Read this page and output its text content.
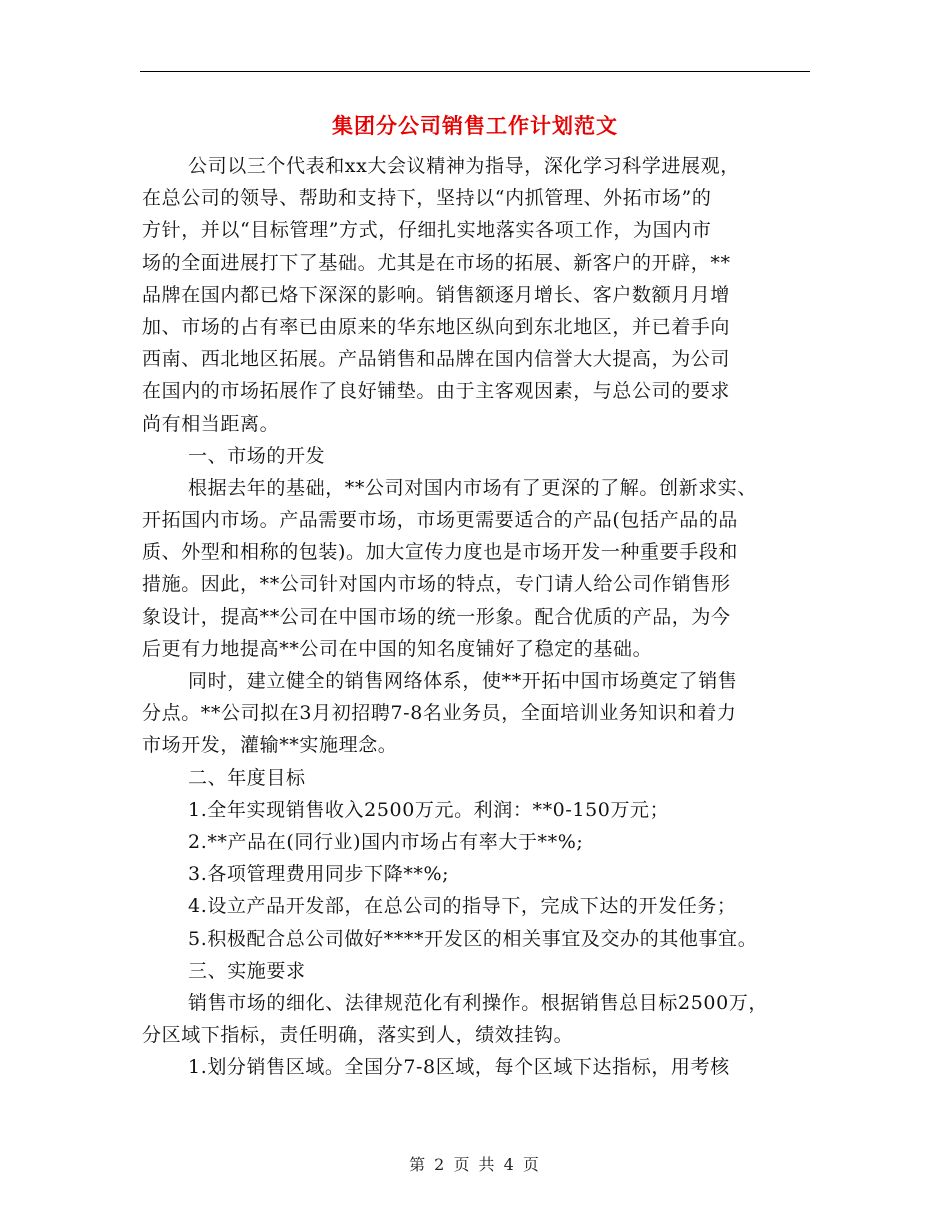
集团分公司销售工作计划范文
公司以三个代表和xx大会议精神为指导，深化学习科学进展观，
在总公司的领导、帮助和支持下，坚持以“内抓管理、外拓市场”的
方针，并以“目标管理”方式，仔细扎实地落实各项工作，为国内市
场的全面进展打下了基础。尤其是在市场的拓展、新客户的开辟，**
品牌在国内都已烙下深深的影响。销售额逐月增长、客户数额月月增
加、市场的占有率已由原来的华东地区纵向到东北地区，并已着手向
西南、西北地区拓展。产品销售和品牌在国内信誉大大提高，为公司
在国内的市场拓展作了良好铺垫。由于主客观因素，与总公司的要求
尚有相当距离。
一、市场的开发
根据去年的基础，**公司对国内市场有了更深的了解。创新求实、
开拓国内市场。产品需要市场，市场更需要适合的产品(包括产品的品
质、外型和相称的包装)。加大宣传力度也是市场开发一种重要手段和
措施。因此，**公司针对国内市场的特点，专门请人给公司作销售形
象设计，提高**公司在中国市场的统一形象。配合优质的产品，为今
后更有力地提高**公司在中国的知名度铺好了稳定的基础。
同时，建立健全的销售网络体系，使**开拓中国市场奠定了销售
分点。**公司拟在3月初招聘7-8名业务员，全面培训业务知识和着力
市场开发，灌输**实施理念。
二、年度目标
1.全年实现销售收入2500万元。利润：**0-150万元；
2.**产品在(同行业)国内市场占有率大于**%;
3.各项管理费用同步下降**%;
4.设立产品开发部，在总公司的指导下，完成下达的开发任务；
5.积极配合总公司做好****开发区的相关事宜及交办的其他事宜。
三、实施要求
销售市场的细化、法律规范化有利操作。根据销售总目标2500万，
分区域下指标，责任明确，落实到人，绩效挂钩。
1.划分销售区域。全国分7-8区域，每个区域下达指标，用考核
第 2 页 共 4 页
